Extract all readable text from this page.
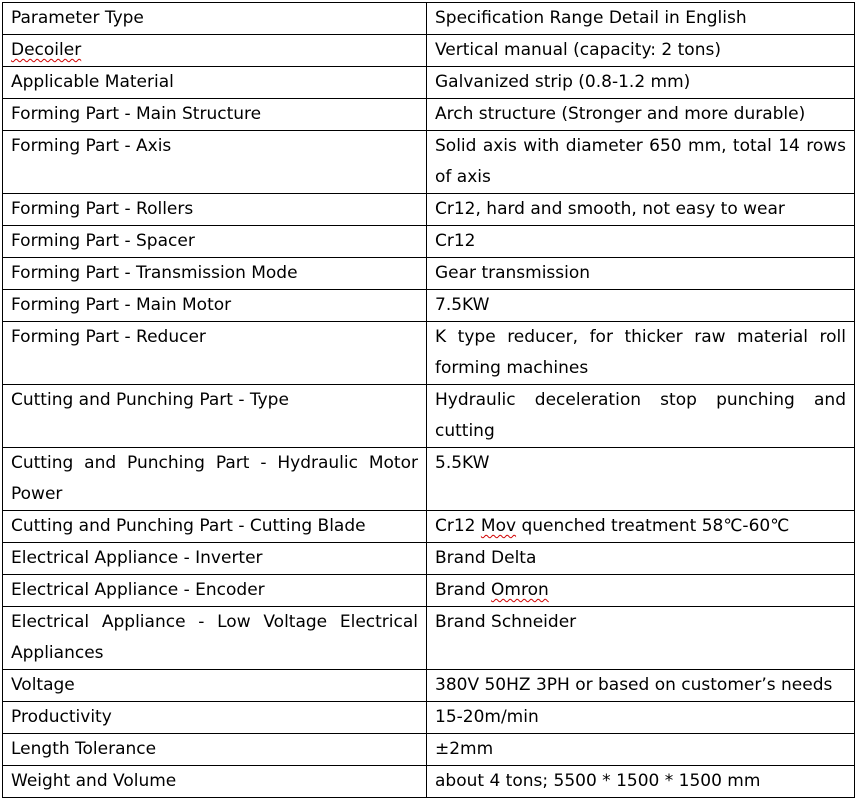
Parameter Type	Specification Range Detail in English
Decoiler	Vertical manual (capacity: 2 tons)
Applicable Material	Galvanized strip (0.8-1.2 mm)
Forming Part - Main Structure	Arch structure (Stronger and more durable)
Forming Part - Axis	Solid axis with diameter 650 mm, total 14 rows of axis
Forming Part - Rollers	Cr12, hard and smooth, not easy to wear
Forming Part - Spacer	Cr12
Forming Part - Transmission Mode	Gear transmission
Forming Part - Main Motor	7.5KW
Forming Part - Reducer	K type reducer, for thicker raw material roll forming machines
Cutting and Punching Part - Type	Hydraulic deceleration stop punching and cutting
Cutting and Punching Part - Hydraulic Motor Power	5.5KW
Cutting and Punching Part - Cutting Blade	Cr12 Mov quenched treatment 58℃-60℃
Electrical Appliance - Inverter	Brand Delta
Electrical Appliance - Encoder	Brand Omron
Electrical Appliance - Low Voltage Electrical Appliances	Brand Schneider
Voltage	380V 50HZ 3PH or based on customer’s needs
Productivity	15-20m/min
Length Tolerance	±2mm
Weight and Volume	about 4 tons; 5500 * 1500 * 1500 mm
